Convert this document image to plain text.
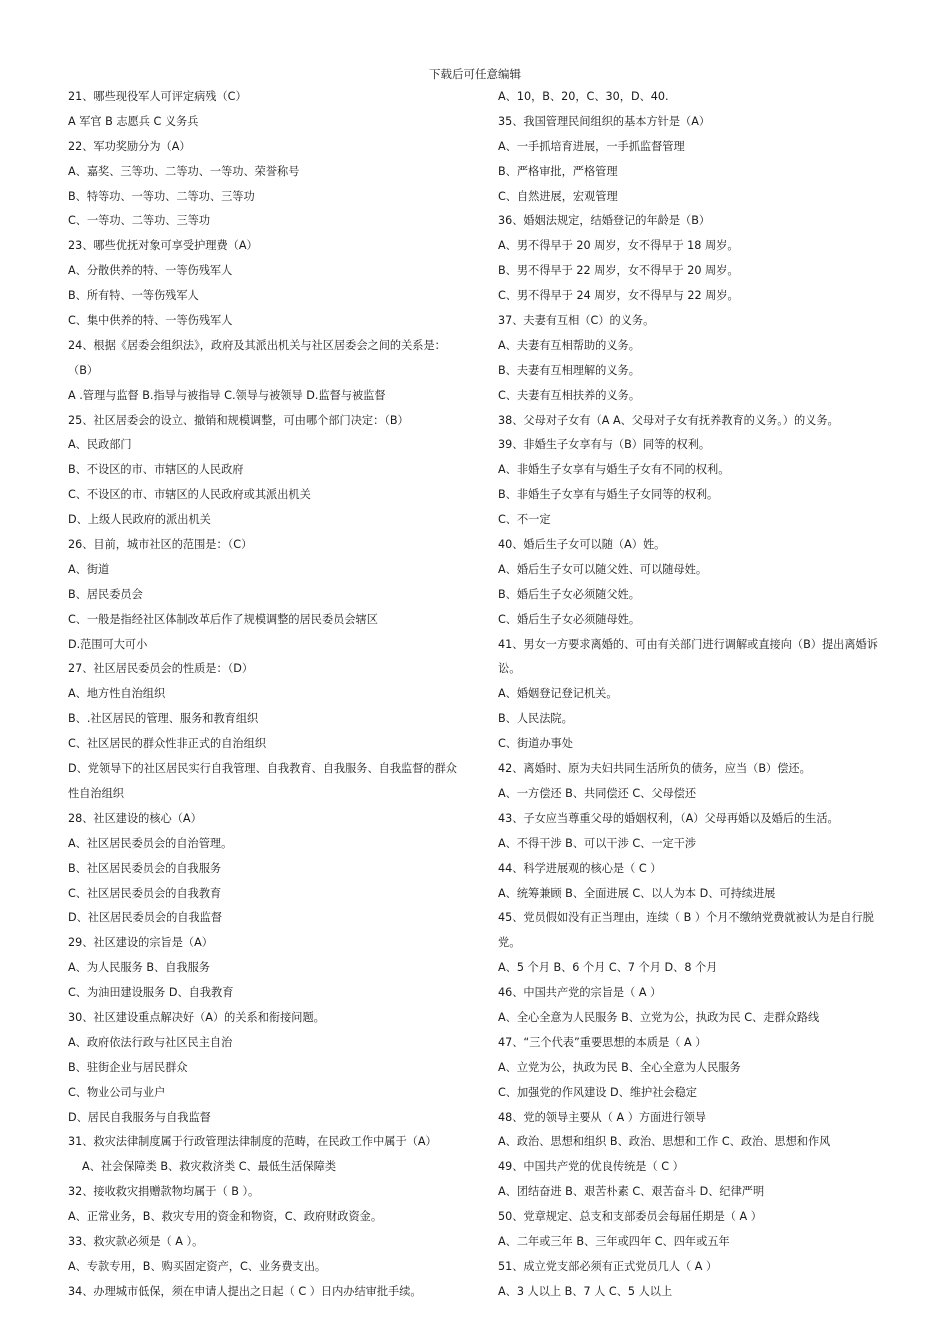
下载后可任意编辑
21、哪些现役军人可评定病残（C）
A 军官 B 志愿兵 C 义务兵
22、军功奖励分为（A）
A、嘉奖、三等功、二等功、一等功、荣誉称号
B、特等功、一等功、二等功、三等功
C、一等功、二等功、三等功
23、哪些优抚对象可享受护理费（A）
A、分散供养的特、一等伤残军人
B、所有特、一等伤残军人
C、集中供养的特、一等伤残军人
24、根据《居委会组织法》，政府及其派出机关与社区居委会之间的关系是：
（B）
A .管理与监督 B.指导与被指导 C.领导与被领导 D.监督与被监督
25、社区居委会的设立、撤销和规模调整，可由哪个部门决定：（B）
A、民政部门
B、不设区的市、市辖区的人民政府
C、不设区的市、市辖区的人民政府或其派出机关
D、上级人民政府的派出机关
26、目前，城市社区的范围是：（C）
A、街道
B、居民委员会
C、一般是指经社区体制改革后作了规模调整的居民委员会辖区
D.范围可大可小
27、社区居民委员会的性质是：（D）
A、地方性自治组织
B、.社区居民的管理、服务和教育组织
C、社区居民的群众性非正式的自治组织
D、党领导下的社区居民实行自我管理、自我教育、自我服务、自我监督的群众
性自治组织
28、社区建设的核心（A）
A、社区居民委员会的自治管理。
B、社区居民委员会的自我服务
C、社区居民委员会的自我教育
D、社区居民委员会的自我监督
29、社区建设的宗旨是（A）
A、为人民服务 B、自我服务
C、为油田建设服务 D、自我教育
30、社区建设重点解决好（A）的关系和衔接问题。
A、政府依法行政与社区民主自治
B、驻街企业与居民群众
C、物业公司与业户
D、居民自我服务与自我监督
31、救灾法律制度属于行政管理法律制度的范畴，在民政工作中属于（A）
A、社会保障类 B、救灾救济类 C、最低生活保障类
32、接收救灾捐赠款物均属于（ B ）。
A、正常业务，B、救灾专用的资金和物资，C、政府财政资金。
33、救灾款必须是（ A ）。
A、专款专用，B、购买固定资产，C、业务费支出。
34、办理城市低保，须在申请人提出之日起（ C ）日内办结审批手续。
A、10，B、20，C、30，D、40.
35、我国管理民间组织的基本方针是（A）
A、一手抓培育进展，一手抓监督管理
B、严格审批，严格管理
C、自然进展，宏观管理
36、婚姻法规定，结婚登记的年龄是（B）
A、男不得早于 20 周岁，女不得早于 18 周岁。
B、男不得早于 22 周岁，女不得早于 20 周岁。
C、男不得早于 24 周岁，女不得早与 22 周岁。
37、夫妻有互相（C）的义务。
A、夫妻有互相帮助的义务。
B、夫妻有互相理解的义务。
C、夫妻有互相扶养的义务。
38、父母对子女有（A A、父母对子女有抚养教育的义务。）的义务。
39、非婚生子女享有与（B）同等的权利。
A、非婚生子女享有与婚生子女有不同的权利。
B、非婚生子女享有与婚生子女同等的权利。
C、不一定
40、婚后生子女可以随（A）姓。
A、婚后生子女可以随父姓、可以随母姓。
B、婚后生子女必须随父姓。
C、婚后生子女必须随母姓。
41、男女一方要求离婚的、可由有关部门进行调解或直接向（B）提出离婚诉
讼。
A、婚姻登记登记机关。
B、人民法院。
C、街道办事处
42、离婚时、原为夫妇共同生活所负的债务，应当（B）偿还。
A、一方偿还 B、共同偿还 C、父母偿还
43、子女应当尊重父母的婚姻权利，（A）父母再婚以及婚后的生活。
A、不得干涉 B、可以干涉 C、一定干涉
44、科学进展观的核心是（ C ）
A、统筹兼顾 B、全面进展 C、以人为本 D、可持续进展
45、党员假如没有正当理由，连续（ B ）个月不缴纳党费就被认为是自行脱
党。
A、5 个月 B、6 个月 C、7 个月 D、8 个月
46、中国共产党的宗旨是（ A ）
A、全心全意为人民服务 B、立党为公，执政为民 C、走群众路线
47、“三个代表”重要思想的本质是（ A ）
A、立党为公，执政为民 B、全心全意为人民服务
C、加强党的作风建设 D、维护社会稳定
48、党的领导主要从（ A ）方面进行领导
A、政治、思想和组织 B、政治、思想和工作 C、政治、思想和作风
49、中国共产党的优良传统是（ C ）
A、团结奋进 B、艰苦朴素 C、艰苦奋斗 D、纪律严明
50、党章规定、总支和支部委员会每届任期是（ A ）
A、二年或三年 B、三年或四年 C、四年或五年
51、成立党支部必须有正式党员几人（ A ）
A、3 人以上 B、7 人 C、5 人以上
